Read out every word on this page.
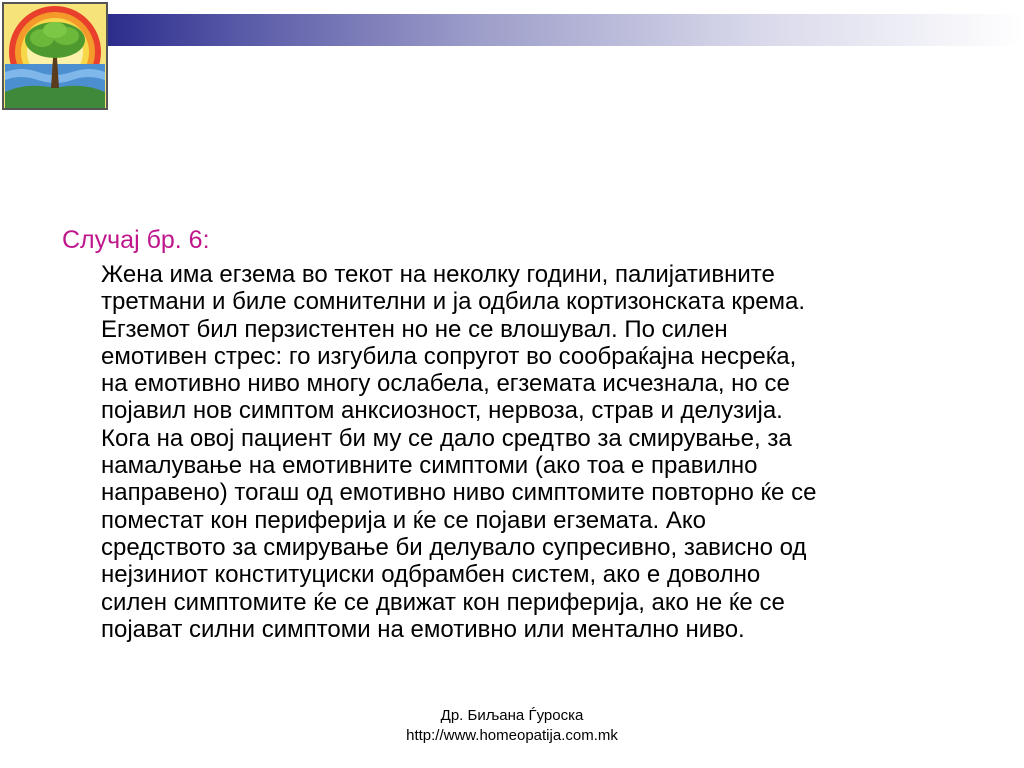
Случај бр. 6:
Жена има егзема во текот на неколку години, палијативните
третмани и биле сомнителни и ја одбила кортизонската крема.
Егземот бил перзистентен но не се влошувал. По силен
емотивен стрес: го изгубила сопругот во сообраќајна несреќа,
на емотивно ниво многу ослабела, егземата исчезнала, но се
појавил нов симптом анксиозност, нервоза, страв и делузија.
Кога на овој пациент би му се дало средтво за смирување, за
намалување на емотивните симптоми (ако тоа е правилно
направено) тогаш од емотивно ниво симптомите повторно ќе се
поместат кон периферија и ќе се појави егземата. Ако
средството за смирување би делувало супресивно, зависно од
нејзиниот конституциски одбрамбен систем, ако е доволно
силен симптомите ќе се движат кон периферија, ако не ќе се
појават силни симптоми на емотивно или ментално ниво.
Др. Биљана Ѓуроска
http://www.homeopatija.com.mk
